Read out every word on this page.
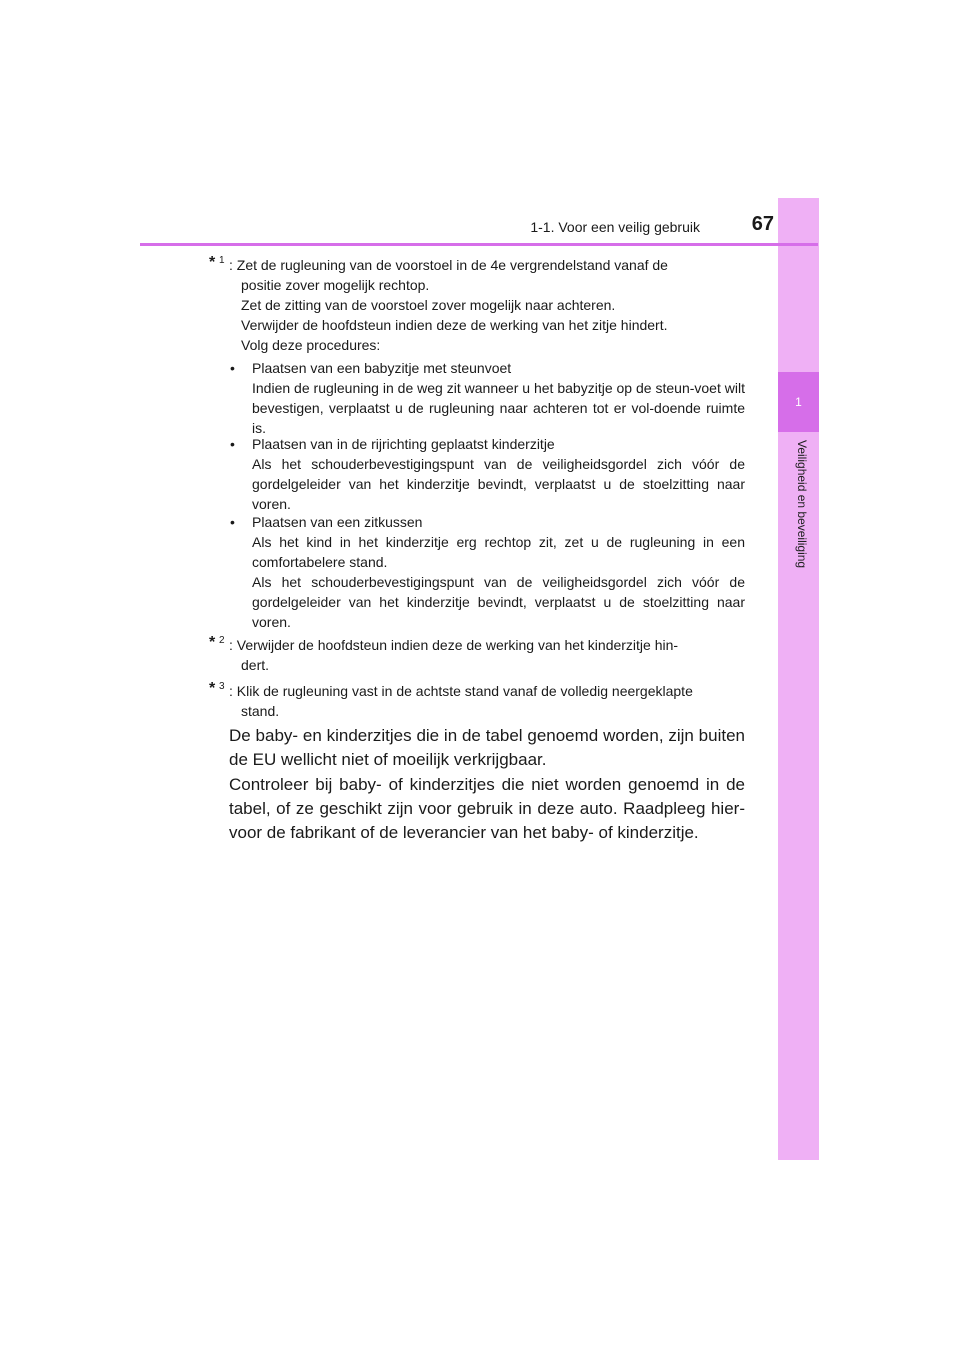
1
Veiligheid en beveiliging
1-1. Voor een veilig gebruik	67
* 1 : Zet de rugleuning van de voorstoel in de 4e vergrendelstand vanaf de
positie zover mogelijk rechtop.
Zet de zitting van de voorstoel zover mogelijk naar achteren.
Verwijder de hoofdsteun indien deze de werking van het zitje hindert.
Volg deze procedures:
•	Plaatsen van een babyzitje met steunvoet
Indien de rugleuning in de weg zit wanneer u het babyzitje op de steun-voet wilt bevestigen, verplaatst u de rugleuning naar achteren tot er vol-doende ruimte is.
•	Plaatsen van in de rijrichting geplaatst kinderzitje
Als het schouderbevestigingspunt van de veiligheidsgordel zich vóór de gordelgeleider van het kinderzitje bevindt, verplaatst u de stoelzitting naar voren.
•	Plaatsen van een zitkussen
Als het kind in het kinderzitje erg rechtop zit, zet u de rugleuning in een comfortabelere stand.
Als het schouderbevestigingspunt van de veiligheidsgordel zich vóór de gordelgeleider van het kinderzitje bevindt, verplaatst u de stoelzitting naar voren.
* 2 : Verwijder de hoofdsteun indien deze de werking van het kinderzitje hin-
dert.
* 3 : Klik de rugleuning vast in de achtste stand vanaf de volledig neergeklapte
stand.
De baby- en kinderzitjes die in de tabel genoemd worden, zijn buiten de EU wellicht niet of moeilijk verkrijgbaar.
Controleer bij baby- of kinderzitjes die niet worden genoemd in de tabel, of ze geschikt zijn voor gebruik in deze auto. Raadpleeg hier-voor de fabrikant of de leverancier van het baby- of kinderzitje.
